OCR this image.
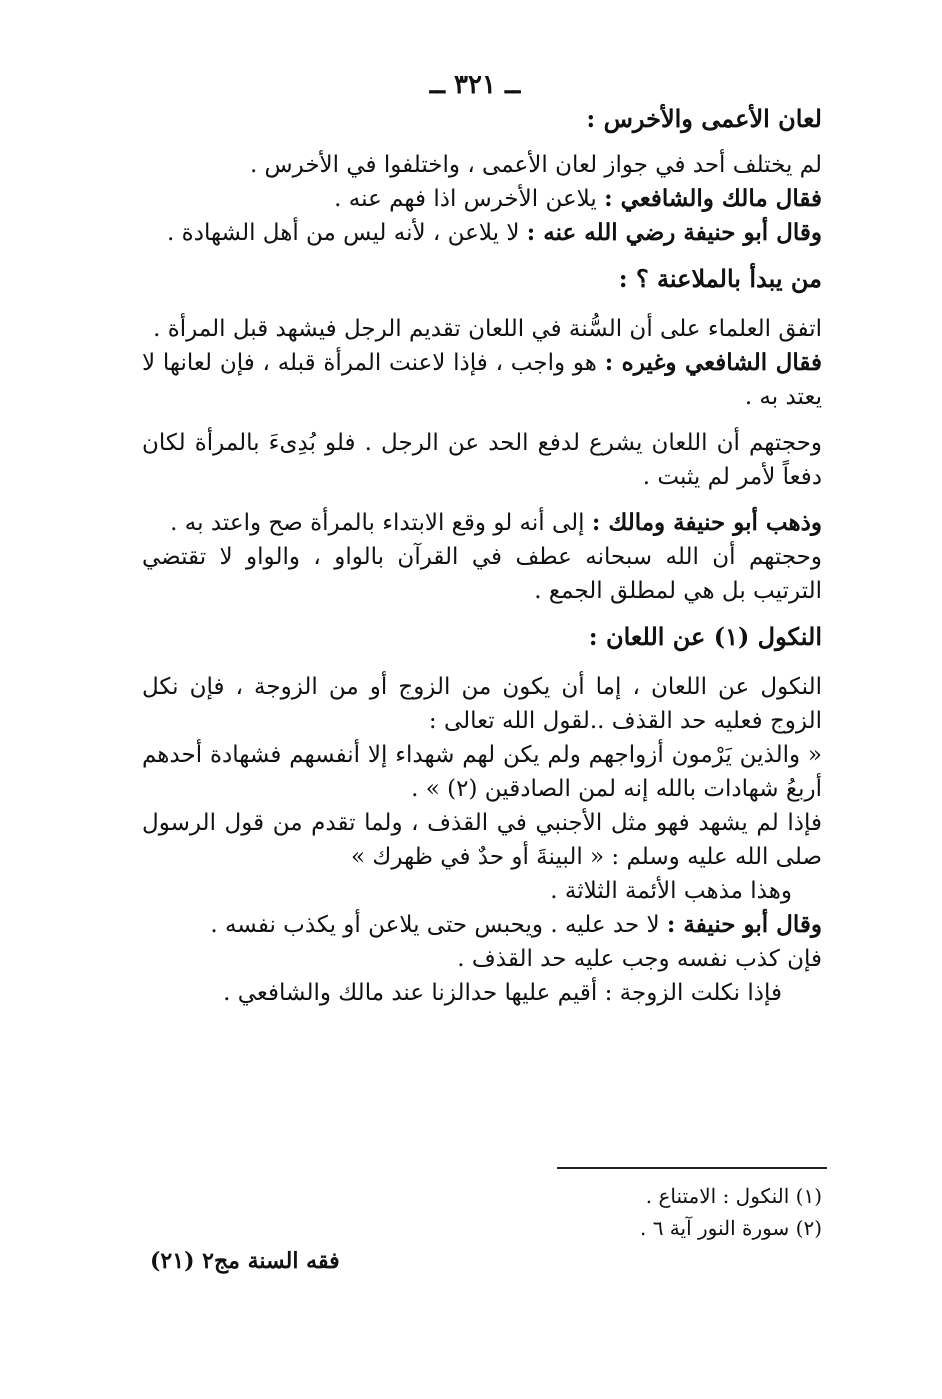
ــ ٣٢١ ــ

لعان الأعمى والأخرس :

لم يختلف أحد في جواز لعان الأعمى ، واختلفوا في الأخرس .

فقال مالك والشافعي : يلاعن الأخرس اذا فهم عنه .

وقال أبو حنيفة رضي الله عنه : لا يلاعن ، لأنه ليس من أهل الشهادة .

من يبدأ بالملاعنة ؟ :

اتفق العلماء على أن السُّنة في اللعان تقديم الرجل فيشهد قبل المرأة .

فقال الشافعي وغيره : هو واجب ، فإذا لاعنت المرأة قبله ، فإن لعانها لا يعتد به .

وحجتهم أن اللعان يشرع لدفع الحد عن الرجل . فلو بُدِىءَ بالمرأة لكان دفعاً لأمر لم يثبت .

وذهب أبو حنيفة ومالك : إلى أنه لو وقع الابتداء بالمرأة صح واعتد به .

وحجتهم أن الله سبحانه عطف في القرآن بالواو ، والواو لا تقتضي الترتيب بل هي لمطلق الجمع .

النكول (١) عن اللعان :

النكول عن اللعان ، إما أن يكون من الزوج أو من الزوجة ، فإن نكل الزوج فعليه حد القذف ..لقول الله تعالى :

« والذين يَرْمون أزواجهم ولم يكن لهم شهداء إلا أنفسهم فشهادة أحدهم أربعُ شهادات بالله إنه لمن الصادقين (٢) » .

فإذا لم يشهد فهو مثل الأجنبي في القذف ، ولما تقدم من قول الرسول صلى الله عليه وسلم : « البينةَ أو حدٌ في ظهرك »

وهذا مذهب الأئمة الثلاثة .

وقال أبو حنيفة : لا حد عليه . ويحبس حتى يلاعن أو يكذب نفسه .

فإن كذب نفسه وجب عليه حد القذف .

فإذا نكلت الزوجة : أقيم عليها حدالزنا عند مالك والشافعي .

(١) النكول : الامتناع .
(٢) سورة النور آية ٦ .
فقه السنة مج٢ (٢١)
